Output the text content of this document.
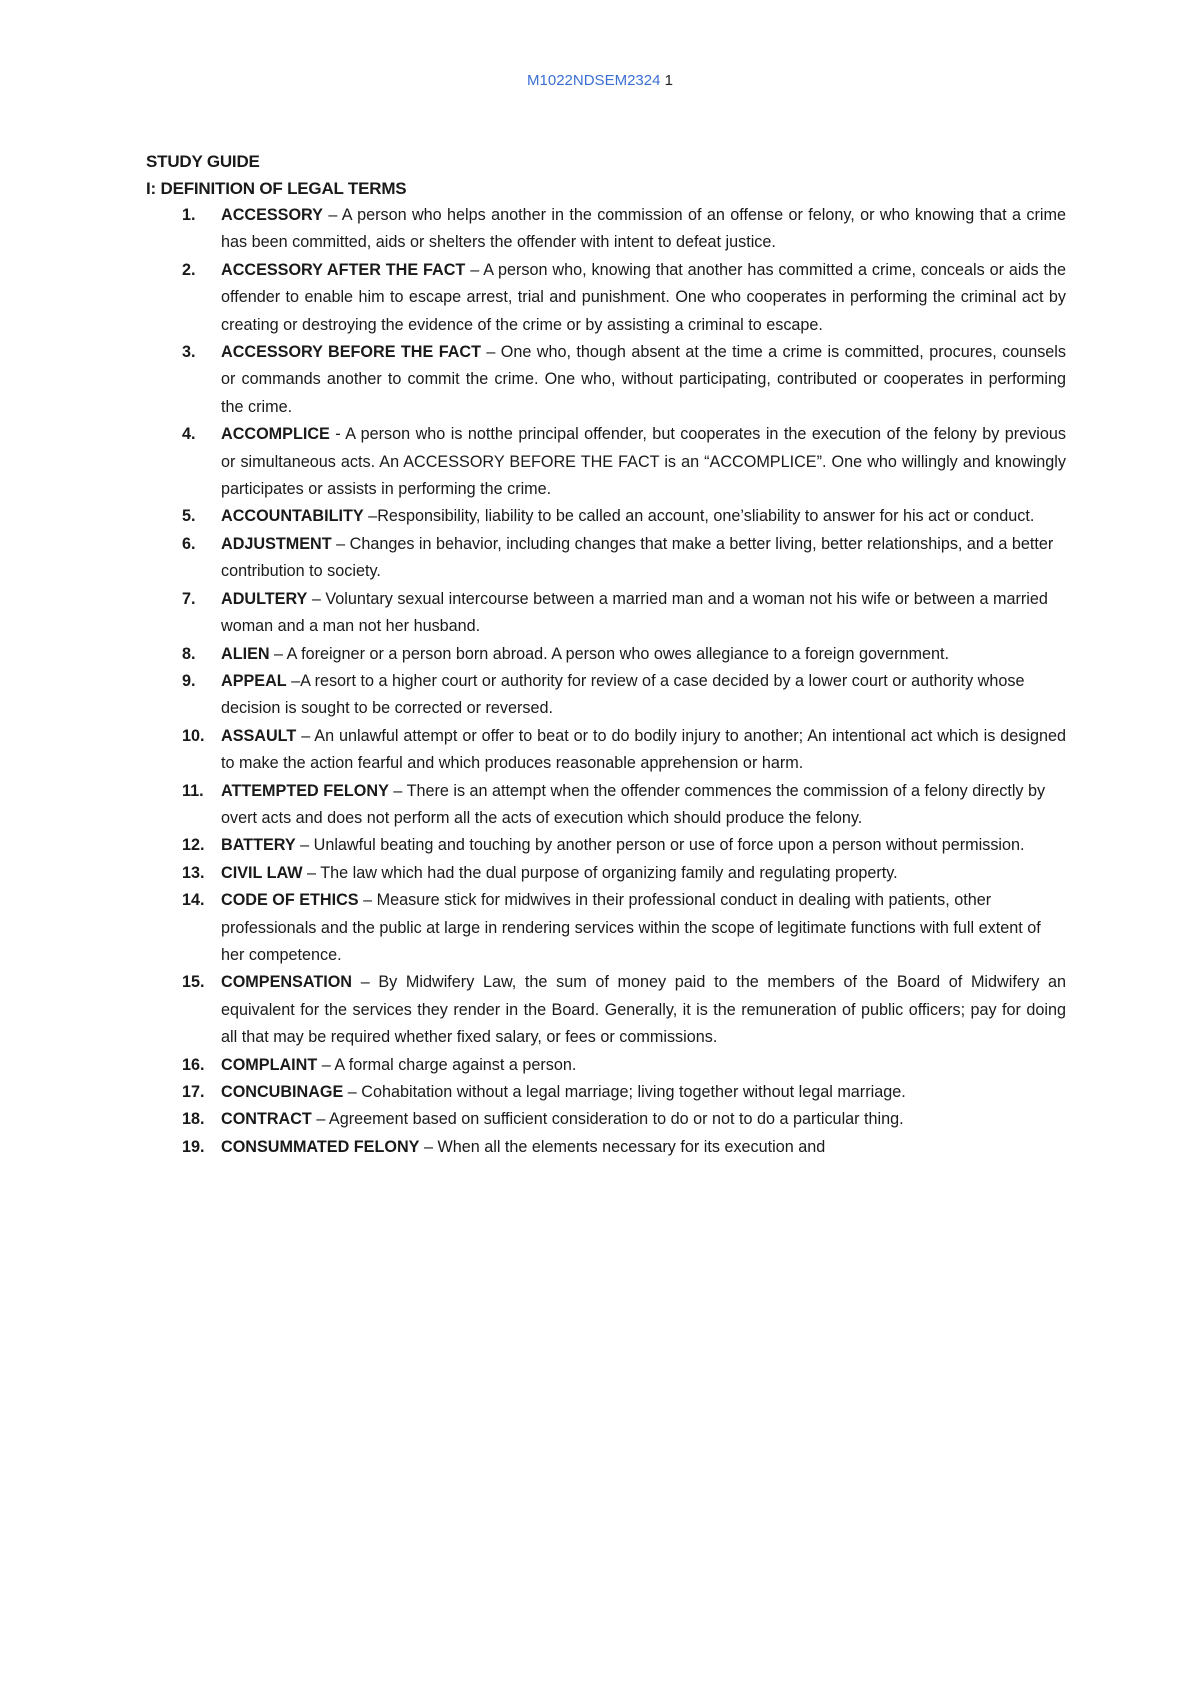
M1022NDSEM2324 1
STUDY GUIDE
I: DEFINITION OF LEGAL TERMS
1. ACCESSORY – A person who helps another in the commission of an offense or felony, or who knowing that a crime has been committed, aids or shelters the offender with intent to defeat justice.
2. ACCESSORY AFTER THE FACT – A person who, knowing that another has committed a crime, conceals or aids the offender to enable him to escape arrest, trial and punishment. One who cooperates in performing the criminal act by creating or destroying the evidence of the crime or by assisting a criminal to escape.
3. ACCESSORY BEFORE THE FACT – One who, though absent at the time a crime is committed, procures, counsels or commands another to commit the crime. One who, without participating, contributed or cooperates in performing the crime.
4. ACCOMPLICE - A person who is notthe principal offender, but cooperates in the execution of the felony by previous or simultaneous acts. An ACCESSORY BEFORE THE FACT is an “ACCOMPLICE”. One who willingly and knowingly participates or assists in performing the crime.
5. ACCOUNTABILITY –Responsibility, liability to be called an account, one’sliability to answer for his act or conduct.
6. ADJUSTMENT – Changes in behavior, including changes that make a better living, better relationships, and a better contribution to society.
7. ADULTERY – Voluntary sexual intercourse between a married man and a woman not his wife or between a married woman and a man not her husband.
8. ALIEN – A foreigner or a person born abroad. A person who owes allegiance to a foreign government.
9. APPEAL –A resort to a higher court or authority for review of a case decided by a lower court or authority whose decision is sought to be corrected or reversed.
10. ASSAULT – An unlawful attempt or offer to beat or to do bodily injury to another; An intentional act which is designed to make the action fearful and which produces reasonable apprehension or harm.
11. ATTEMPTED FELONY – There is an attempt when the offender commences the commission of a felony directly by overt acts and does not perform all the acts of execution which should produce the felony.
12. BATTERY – Unlawful beating and touching by another person or use of force upon a person without permission.
13. CIVIL LAW – The law which had the dual purpose of organizing family and regulating property.
14. CODE OF ETHICS – Measure stick for midwives in their professional conduct in dealing with patients, other professionals and the public at large in rendering services within the scope of legitimate functions with full extent of her competence.
15. COMPENSATION – By Midwifery Law, the sum of money paid to the members of the Board of Midwifery an equivalent for the services they render in the Board. Generally, it is the remuneration of public officers; pay for doing all that may be required whether fixed salary, or fees or commissions.
16. COMPLAINT – A formal charge against a person.
17. CONCUBINAGE – Cohabitation without a legal marriage; living together without legal marriage.
18. CONTRACT – Agreement based on sufficient consideration to do or not to do a particular thing.
19. CONSUMMATED FELONY – When all the elements necessary for its execution and
